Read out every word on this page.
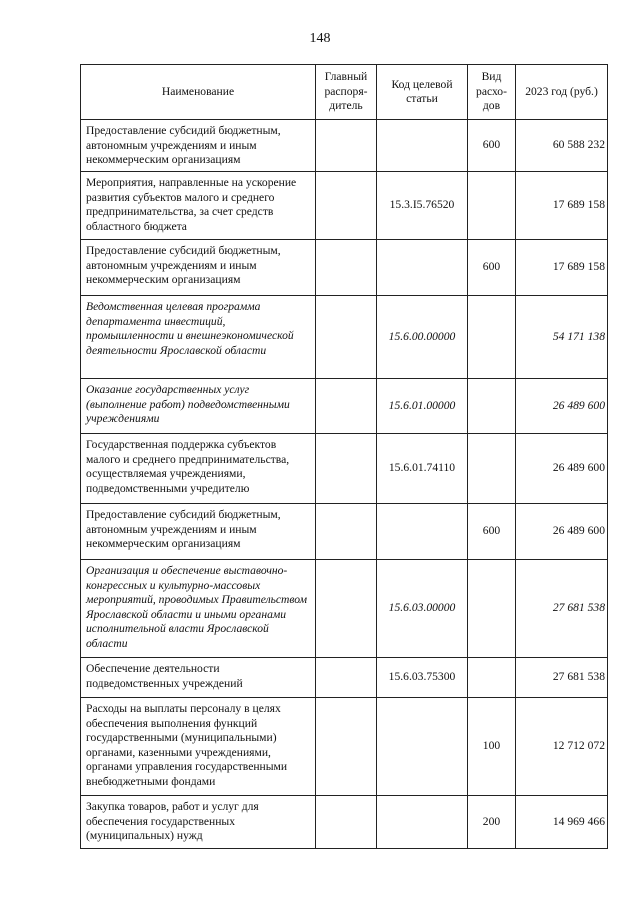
148
Наименование	Главный распоря-дитель	Код целевой статьи	Вид расхо-дов	2023 год (руб.)
Предоставление субсидий бюджетным, автономным учреждениям и иным некоммерческим организациям			600	60 588 232
Мероприятия, направленные на ускорение развития субъектов малого и среднего предпринимательства, за счет средств областного бюджета		15.3.I5.76520		17 689 158
Предоставление субсидий бюджетным, автономным учреждениям и иным некоммерческим организациям			600	17 689 158
Ведомственная целевая программа департамента инвестиций, промышленности и внешнеэкономической деятельности Ярославской области		15.6.00.00000		54 171 138
Оказание государственных услуг (выполнение работ) подведомственными учреждениями		15.6.01.00000		26 489 600
Государственная поддержка субъектов малого и среднего предпринимательства, осуществляемая учреждениями, подведомственными учредителю		15.6.01.74110		26 489 600
Предоставление субсидий бюджетным, автономным учреждениям и иным некоммерческим организациям			600	26 489 600
Организация и обеспечение выставочно-конгрессных и культурно-массовых мероприятий, проводимых Правительством Ярославской области и иными органами исполнительной власти Ярославской области		15.6.03.00000		27 681 538
Обеспечение деятельности подведомственных учреждений		15.6.03.75300		27 681 538
Расходы на выплаты персоналу в целях обеспечения выполнения функций государственными (муниципальными) органами, казенными учреждениями, органами управления государственными внебюджетными фондами			100	12 712 072
Закупка товаров, работ и услуг для обеспечения государственных (муниципальных) нужд			200	14 969 466
